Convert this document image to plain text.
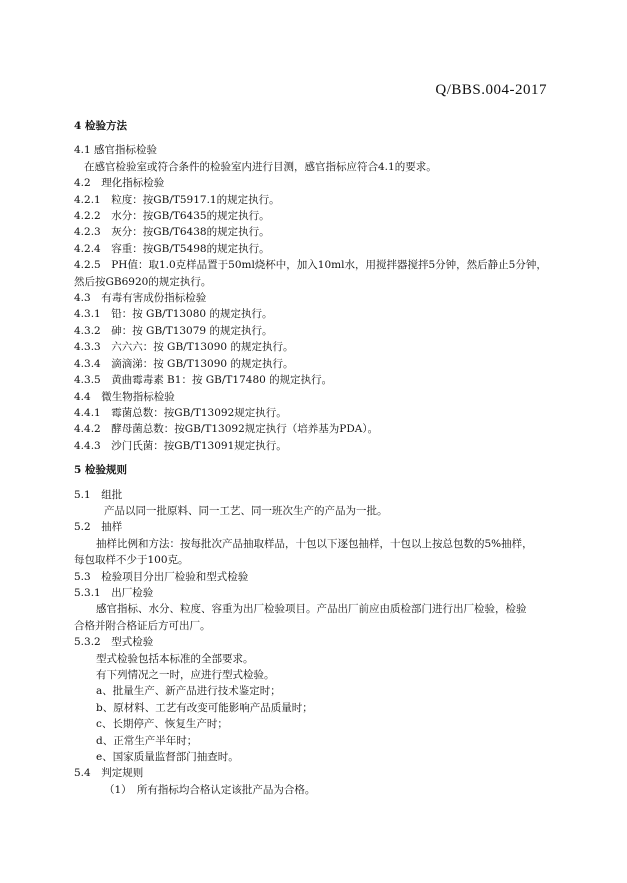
Q/BBS.004-2017
4 检验方法
4.1 感官指标检验
在感官检验室或符合条件的检验室内进行目测，感官指标应符合4.1的要求。
4.2　理化指标检验
4.2.1　粒度：按GB/T5917.1的规定执行。
4.2.2　水分：按GB/T6435的规定执行。
4.2.3　灰分：按GB/T6438的规定执行。
4.2.4　容重：按GB/T5498的规定执行。
4.2.5　PH值：取1.0克样品置于50ml烧杯中，加入10ml水，用搅拌器搅拌5分钟，然后静止5分钟，
然后按GB6920的规定执行。
4.3　有毒有害成份指标检验
4.3.1　铅：按 GB/T13080 的规定执行。
4.3.2　砷：按 GB/T13079 的规定执行。
4.3.3　六六六：按 GB/T13090 的规定执行。
4.3.4　滴滴涕：按 GB/T13090 的规定执行。
4.3.5　黄曲霉毒素 B1：按 GB/T17480 的规定执行。
4.4　微生物指标检验
4.4.1　霉菌总数：按GB/T13092规定执行。
4.4.2　酵母菌总数：按GB/T13092规定执行（培养基为PDA）。
4.4.3　沙门氏菌：按GB/T13091规定执行。
5 检验规则
5.1　组批
产品以同一批原料、同一工艺、同一班次生产的产品为一批。
5.2　抽样
抽样比例和方法：按每批次产品抽取样品，十包以下逐包抽样，十包以上按总包数的5%抽样，
每包取样不少于100克。
5.3　检验项目分出厂检验和型式检验
5.3.1　出厂检验
感官指标、水分、粒度、容重为出厂检验项目。产品出厂前应由质检部门进行出厂检验，检验
合格并附合格证后方可出厂。
5.3.2　型式检验
型式检验包括本标准的全部要求。
有下列情况之一时，应进行型式检验。
a、批量生产、新产品进行技术鉴定时；
b、原材料、工艺有改变可能影响产品质量时；
c、长期停产、恢复生产时；
d、正常生产半年时；
e、国家质量监督部门抽查时。
5.4　判定规则
（1）　所有指标均合格认定该批产品为合格。
